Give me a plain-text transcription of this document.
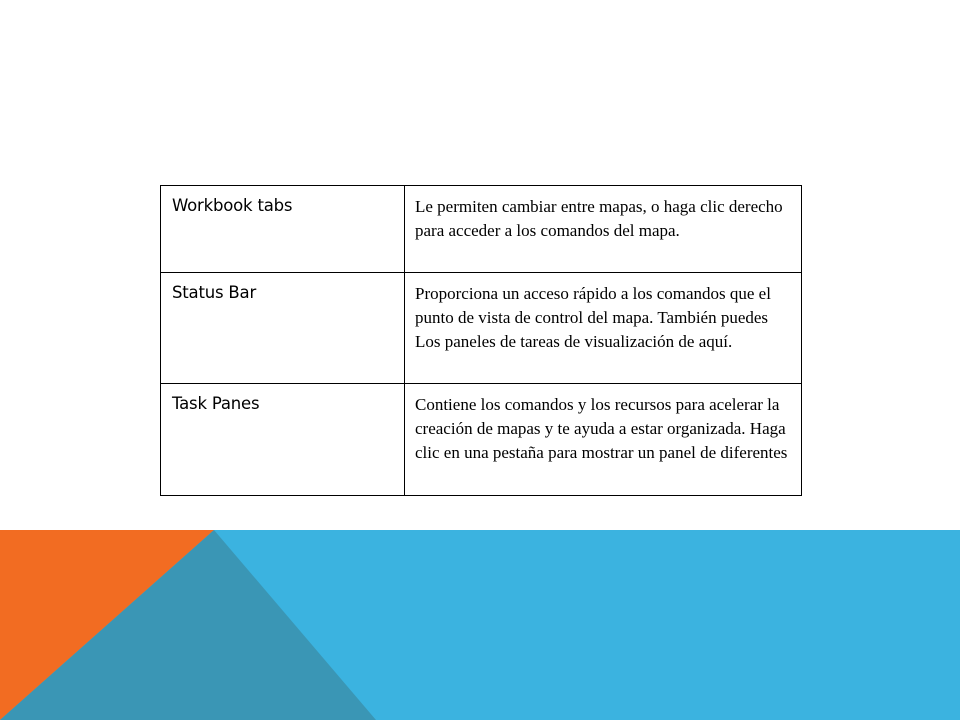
Workbook tabs	Le permiten cambiar entre mapas, o haga clic derecho para acceder a los comandos del mapa.
Status Bar	Proporciona un acceso rápido a los comandos que el punto de vista de control del mapa. También puedes Los paneles de tareas de visualización de aquí.
Task Panes	Contiene los comandos y los recursos para acelerar la creación de mapas y te ayuda a estar organizada. Haga clic en una pestaña para mostrar un panel de diferentes
